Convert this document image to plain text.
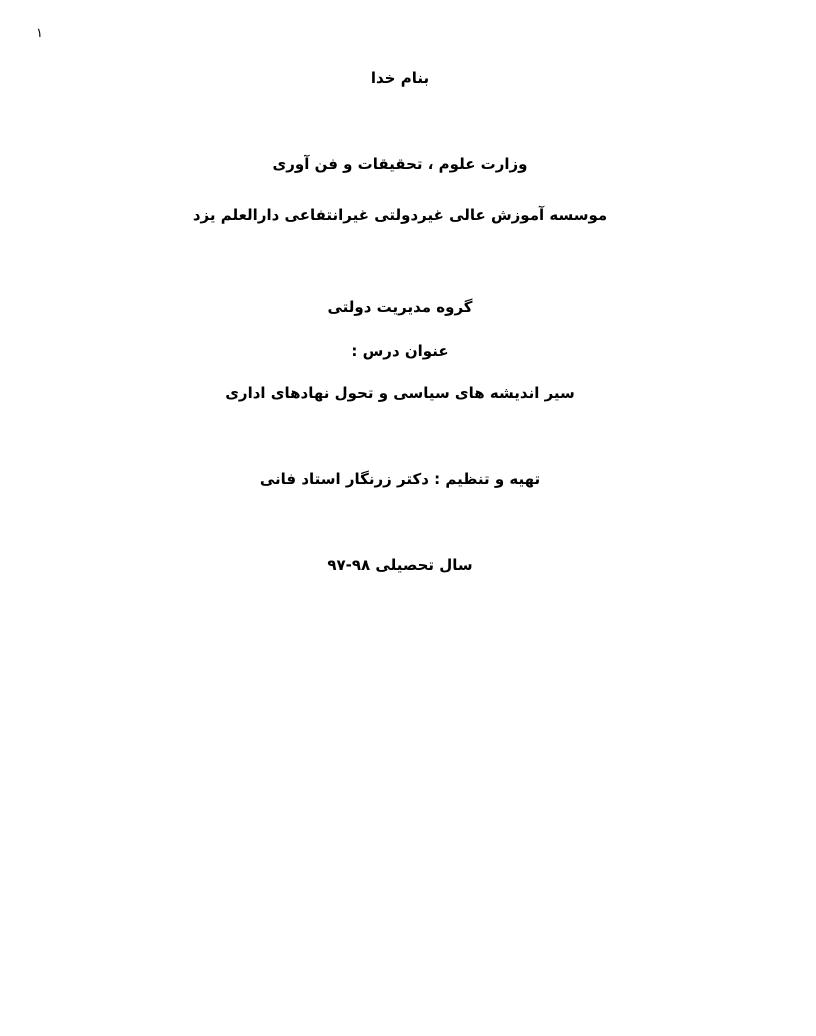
۱
بنام خدا
وزارت علوم ، تحقیقات و فن آوری
موسسه آموزش عالی غیردولتی غیرانتفاعی دارالعلم یزد
گروه مدیریت دولتی
عنوان درس :
سیر اندیشه های سیاسی و تحول نهادهای اداری
تهیه و تنظیم : دکتر زرنگار استاد فانی
سال تحصیلی ۹۸-۹۷
